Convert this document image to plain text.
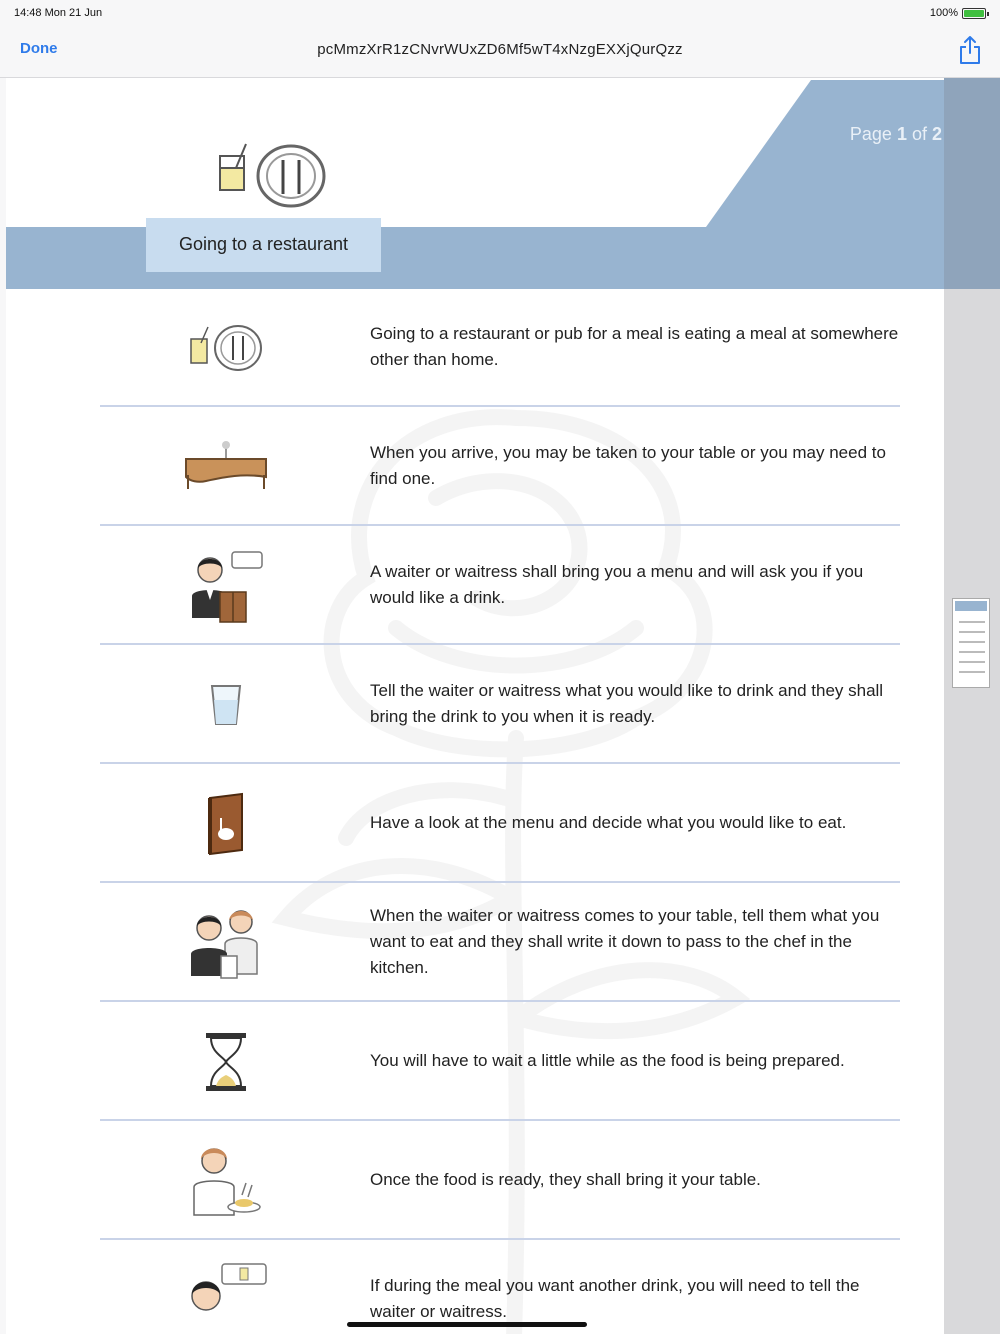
14:48 Mon 21 Jun	100%
Done	pcMmzXrR1zCNvrWUxZD6Mf5wT4xNzgEXXjQurQzz
Page 1 of 2
Going to a restaurant
Going to a restaurant or pub for a meal is eating a meal at somewhere other than home.
When you arrive, you may be taken to your table or you may need to find one.
A waiter or waitress shall bring you a menu and will ask you if you would like a drink.
Tell the waiter or waitress what you would like to drink and they shall bring the drink to you when it is ready.
Have a look at the menu and decide what you would like to eat.
When the waiter or waitress comes to your table, tell them what you want to eat and they shall write it down to pass to the chef in the kitchen.
You will have to wait a little while as the food is being prepared.
Once the food is ready, they shall bring it your table.
If during the meal you want another drink, you will need to tell the waiter or waitress.
